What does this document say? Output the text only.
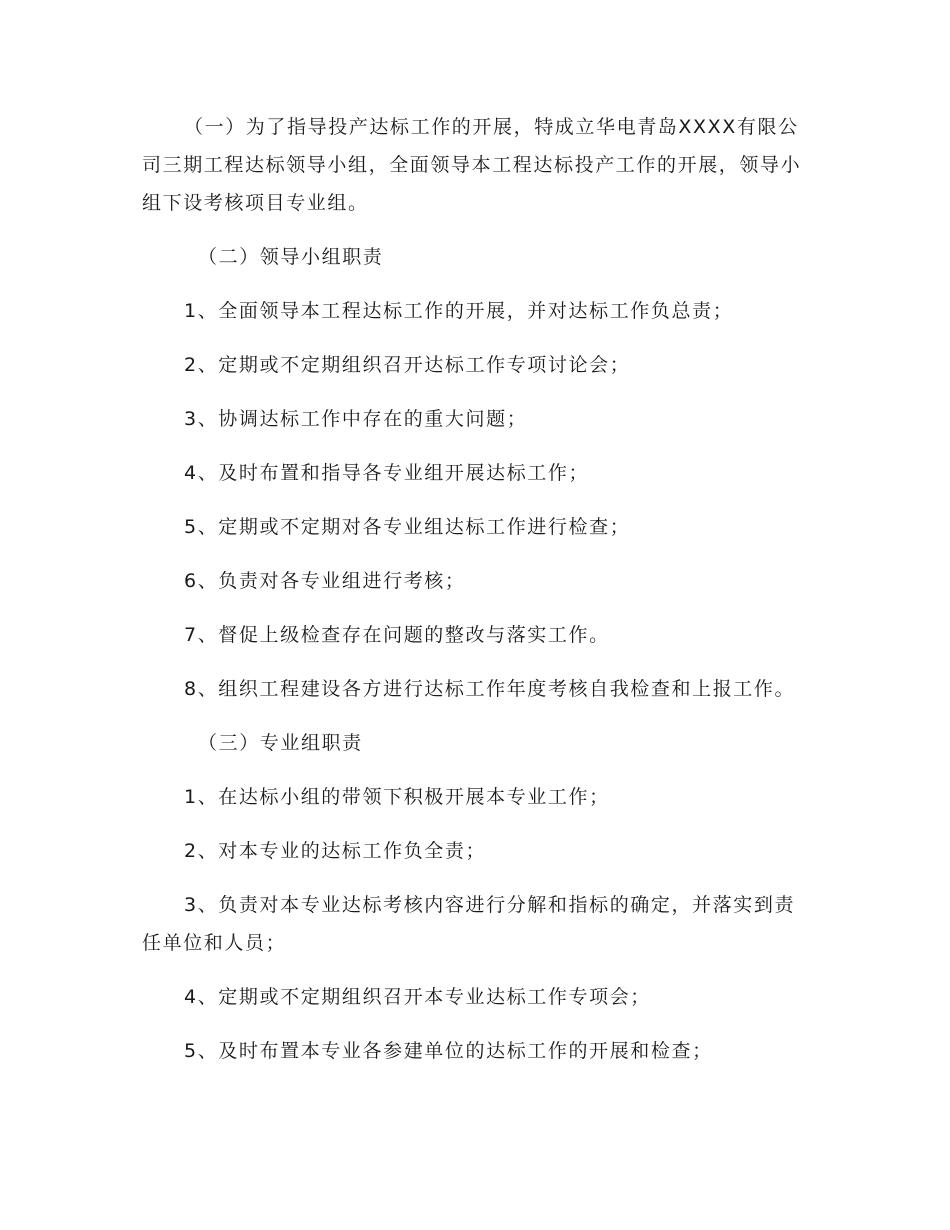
（一）为了指导投产达标工作的开展，特成立华电青岛XXXX有限公司三期工程达标领导小组，全面领导本工程达标投产工作的开展，领导小组下设考核项目专业组。

（二）领导小组职责

1、全面领导本工程达标工作的开展，并对达标工作负总责；

2、定期或不定期组织召开达标工作专项讨论会；

3、协调达标工作中存在的重大问题；

4、及时布置和指导各专业组开展达标工作；

5、定期或不定期对各专业组达标工作进行检查；

6、负责对各专业组进行考核；

7、督促上级检查存在问题的整改与落实工作。

8、组织工程建设各方进行达标工作年度考核自我检查和上报工作。

（三）专业组职责

1、在达标小组的带领下积极开展本专业工作；

2、对本专业的达标工作负全责；

3、负责对本专业达标考核内容进行分解和指标的确定，并落实到责任单位和人员；

4、定期或不定期组织召开本专业达标工作专项会；

5、及时布置本专业各参建单位的达标工作的开展和检查；
